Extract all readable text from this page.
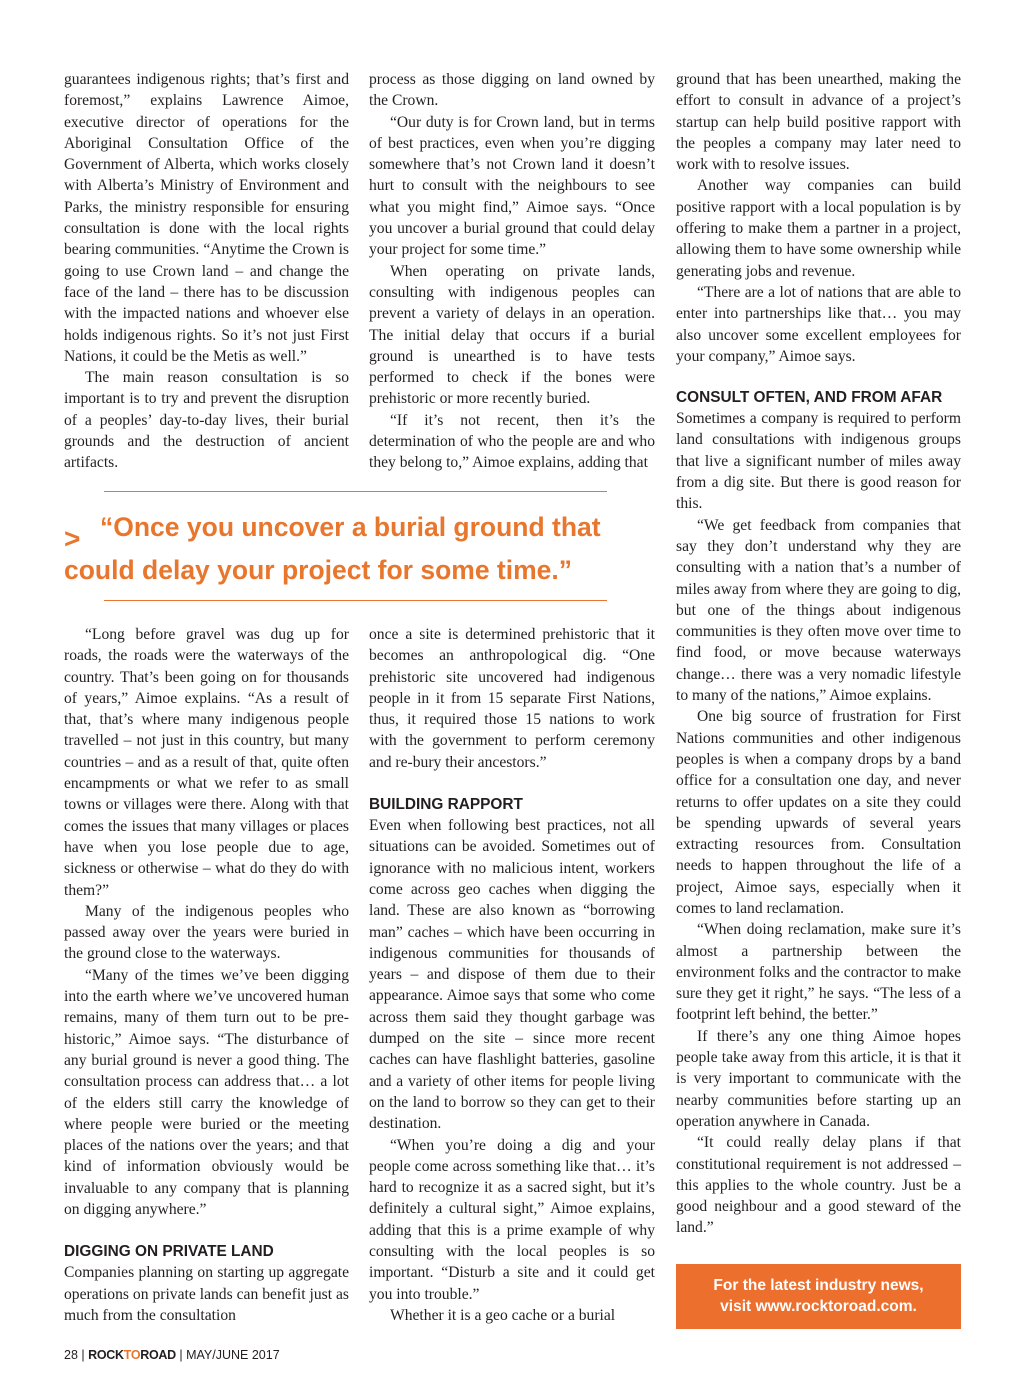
guarantees indigenous rights; that’s first and foremost,” explains Lawrence Aimoe, executive director of operations for the Aboriginal Consultation Office of the Government of Alberta, which works closely with Alberta’s Ministry of Environment and Parks, the ministry responsible for ensuring consultation is done with the local rights bearing communities. “Anytime the Crown is going to use Crown land – and change the face of the land – there has to be discussion with the impacted nations and whoever else holds indigenous rights. So it’s not just First Nations, it could be the Metis as well.”

The main reason consultation is so important is to try and prevent the disruption of a peoples’ day-to-day lives, their burial grounds and the destruction of ancient artifacts.

process as those digging on land owned by the Crown.

“Our duty is for Crown land, but in terms of best practices, even when you’re digging somewhere that’s not Crown land it doesn’t hurt to consult with the neighbours to see what you might find,” Aimoe says. “Once you uncover a burial ground that could delay your project for some time.”

When operating on private lands, consulting with indigenous peoples can prevent a variety of delays in an operation. The initial delay that occurs if a burial ground is unearthed is to have tests performed to check if the bones were prehistoric or more recently buried.

“If it’s not recent, then it’s the determination of who the people are and who they belong to,” Aimoe explains, adding that

> “Once you uncover a burial ground that could delay your project for some time.”

“Long before gravel was dug up for roads, the roads were the waterways of the country. That’s been going on for thousands of years,” Aimoe explains. “As a result of that, that’s where many indigenous people travelled – not just in this country, but many countries – and as a result of that, quite often encampments or what we refer to as small towns or villages were there. Along with that comes the issues that many villages or places have when you lose people due to age, sickness or otherwise – what do they do with them?”

Many of the indigenous peoples who passed away over the years were buried in the ground close to the waterways.

“Many of the times we’ve been digging into the earth where we’ve uncovered human remains, many of them turn out to be pre-historic,” Aimoe says. “The disturbance of any burial ground is never a good thing. The consultation process can address that… a lot of the elders still carry the knowledge of where people were buried or the meeting places of the nations over the years; and that kind of information obviously would be invaluable to any company that is planning on digging anywhere.”

DIGGING ON PRIVATE LAND

Companies planning on starting up aggregate operations on private lands can benefit just as much from the consultation

once a site is determined prehistoric that it becomes an anthropological dig. “One prehistoric site uncovered had indigenous people in it from 15 separate First Nations, thus, it required those 15 nations to work with the government to perform ceremony and re-bury their ancestors.”

BUILDING RAPPORT

Even when following best practices, not all situations can be avoided. Sometimes out of ignorance with no malicious intent, workers come across geo caches when digging the land. These are also known as “borrowing man” caches – which have been occurring in indigenous communities for thousands of years – and dispose of them due to their appearance. Aimoe says that some who come across them said they thought garbage was dumped on the site – since more recent caches can have flashlight batteries, gasoline and a variety of other items for people living on the land to borrow so they can get to their destination.

“When you’re doing a dig and your people come across something like that… it’s hard to recognize it as a sacred sight, but it’s definitely a cultural sight,” Aimoe explains, adding that this is a prime example of why consulting with the local peoples is so important. “Disturb a site and it could get you into trouble.”

Whether it is a geo cache or a burial

ground that has been unearthed, making the effort to consult in advance of a project’s startup can help build positive rapport with the peoples a company may later need to work with to resolve issues.

Another way companies can build positive rapport with a local population is by offering to make them a partner in a project, allowing them to have some ownership while generating jobs and revenue.

“There are a lot of nations that are able to enter into partnerships like that… you may also uncover some excellent employees for your company,” Aimoe says.

CONSULT OFTEN, AND FROM AFAR

Sometimes a company is required to perform land consultations with indigenous groups that live a significant number of miles away from a dig site. But there is good reason for this.

“We get feedback from companies that say they don’t understand why they are consulting with a nation that’s a number of miles away from where they are going to dig, but one of the things about indigenous communities is they often move over time to find food, or move because waterways change… there was a very nomadic lifestyle to many of the nations,” Aimoe explains.

One big source of frustration for First Nations communities and other indigenous peoples is when a company drops by a band office for a consultation one day, and never returns to offer updates on a site they could be spending upwards of several years extracting resources from. Consultation needs to happen throughout the life of a project, Aimoe says, especially when it comes to land reclamation.

“When doing reclamation, make sure it’s almost a partnership between the environment folks and the contractor to make sure they get it right,” he says. “The less of a footprint left behind, the better.”

If there’s any one thing Aimoe hopes people take away from this article, it is that it is very important to communicate with the nearby communities before starting up an operation anywhere in Canada.

“It could really delay plans if that constitutional requirement is not addressed – this applies to the whole country. Just be a good neighbour and a good steward of the land.”

For the latest industry news,
visit www.rocktoroad.com.
28 | ROCKTOROAD | MAY/JUNE 2017
